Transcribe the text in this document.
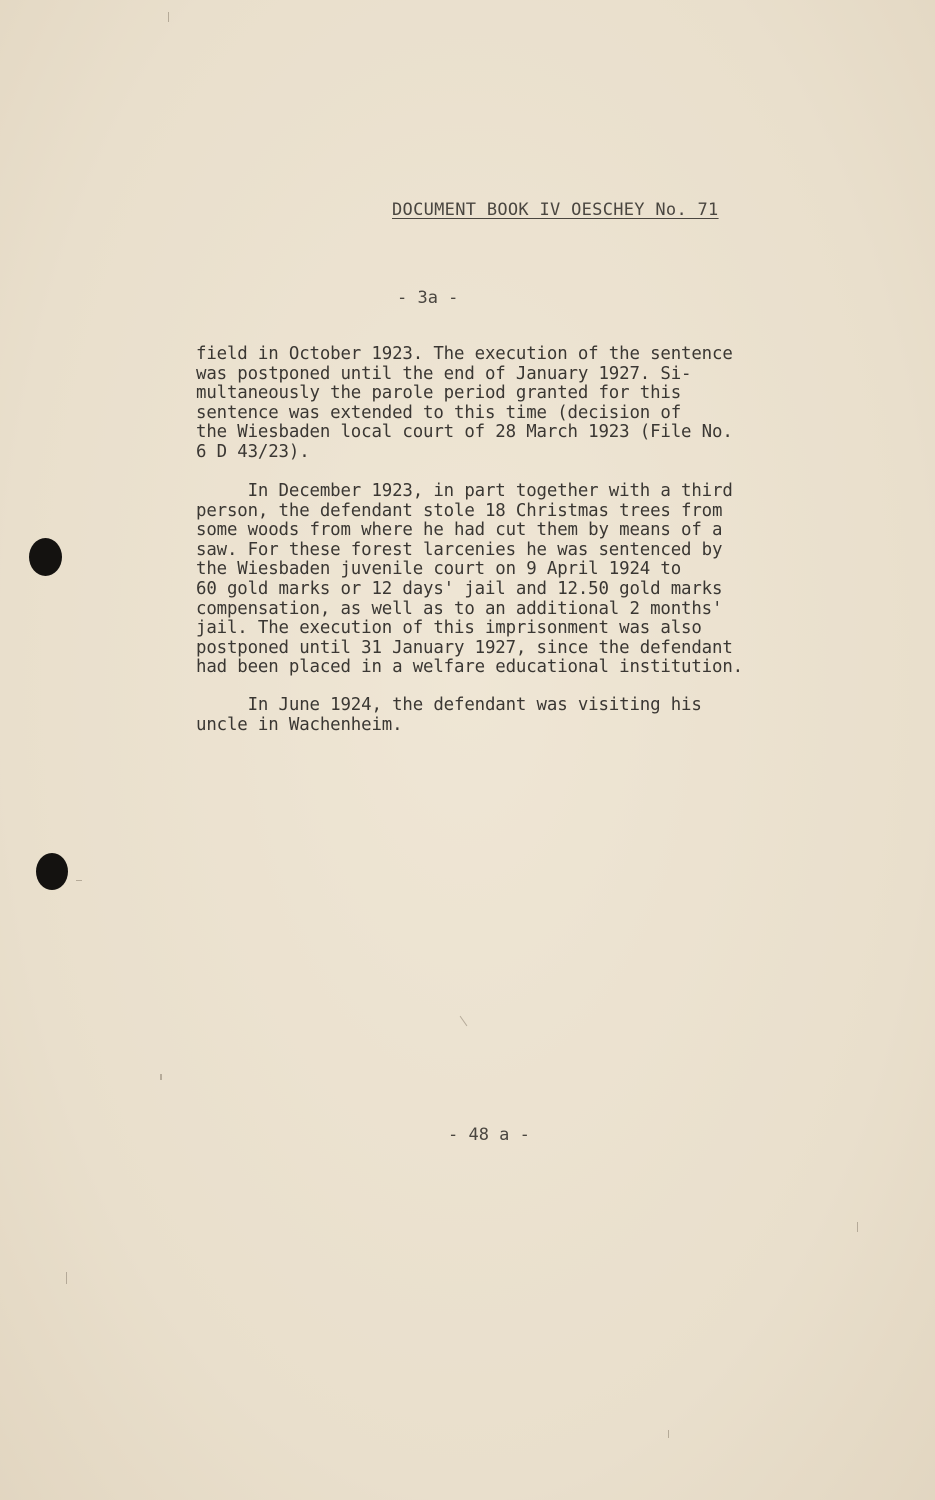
DOCUMENT BOOK IV OESCHEY No. 71
- 3a -
field in October 1923. The execution of the sentence
was postponed until the end of January 1927. Si-
multaneously the parole period granted for this
sentence was extended to this time (decision of
the Wiesbaden local court of 28 March 1923 (File No.
6 D 43/23).
In December 1923, in part together with a third
person, the defendant stole 18 Christmas trees from
some woods from where he had cut them by means of a
saw. For these forest larcenies he was sentenced by
the Wiesbaden juvenile court on 9 April 1924 to
60 gold marks or 12 days' jail and 12.50 gold marks
compensation, as well as to an additional 2 months'
jail. The execution of this imprisonment was also
postponed until 31 January 1927, since the defendant
had been placed in a welfare educational institution.
In June 1924, the defendant was visiting his
uncle in Wachenheim.
- 48 a -
